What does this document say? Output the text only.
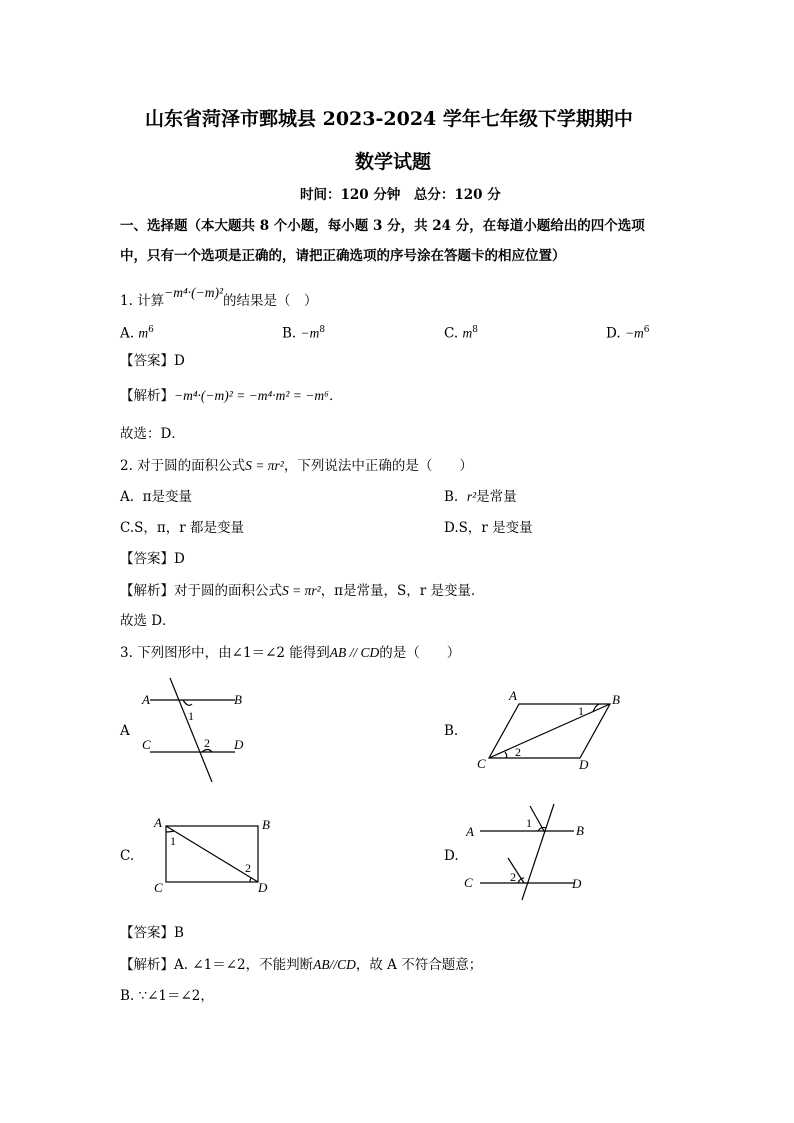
山东省菏泽市鄄城县 2023-2024 学年七年级下学期期中
数学试题
时间：120 分钟　总分：120 分
一、选择题（本大题共 8 个小题，每小题 3 分，共 24 分，在每道小题给出的四个选项
中，只有一个选项是正确的，请把正确选项的序号涂在答题卡的相应位置）
1. 计算−m⁴·(−m)²的结果是（　）
A. $m^6$	B. $-m^8$	C. $m^8$	D. $-m^6$
【答案】D
【解析】−m⁴·(−m)² = −m⁴·m² = −m⁶．
故选：D．
2. 对于圆的面积公式S = πr²，下列说法中正确的是（　　）
A. π是变量	B. r²是常量
C.S，π，r 都是变量	D.S，r 是变量
【答案】D
【解析】对于圆的面积公式S = πr²，π是常量，S，r 是变量．
故选 D．
3. 下列图形中，由∠1＝∠2 能得到AB // CD的是（　　）
A	B.
C.	D.
A	B
C	D
1
2
A	B
C	D
1
2
A	B
C	D
1
2
A	B
C	D
1
2
【答案】B
【解析】A. ∠1＝∠2，不能判断AB//CD，故 A 不符合题意；
B. ∵∠1＝∠2，
